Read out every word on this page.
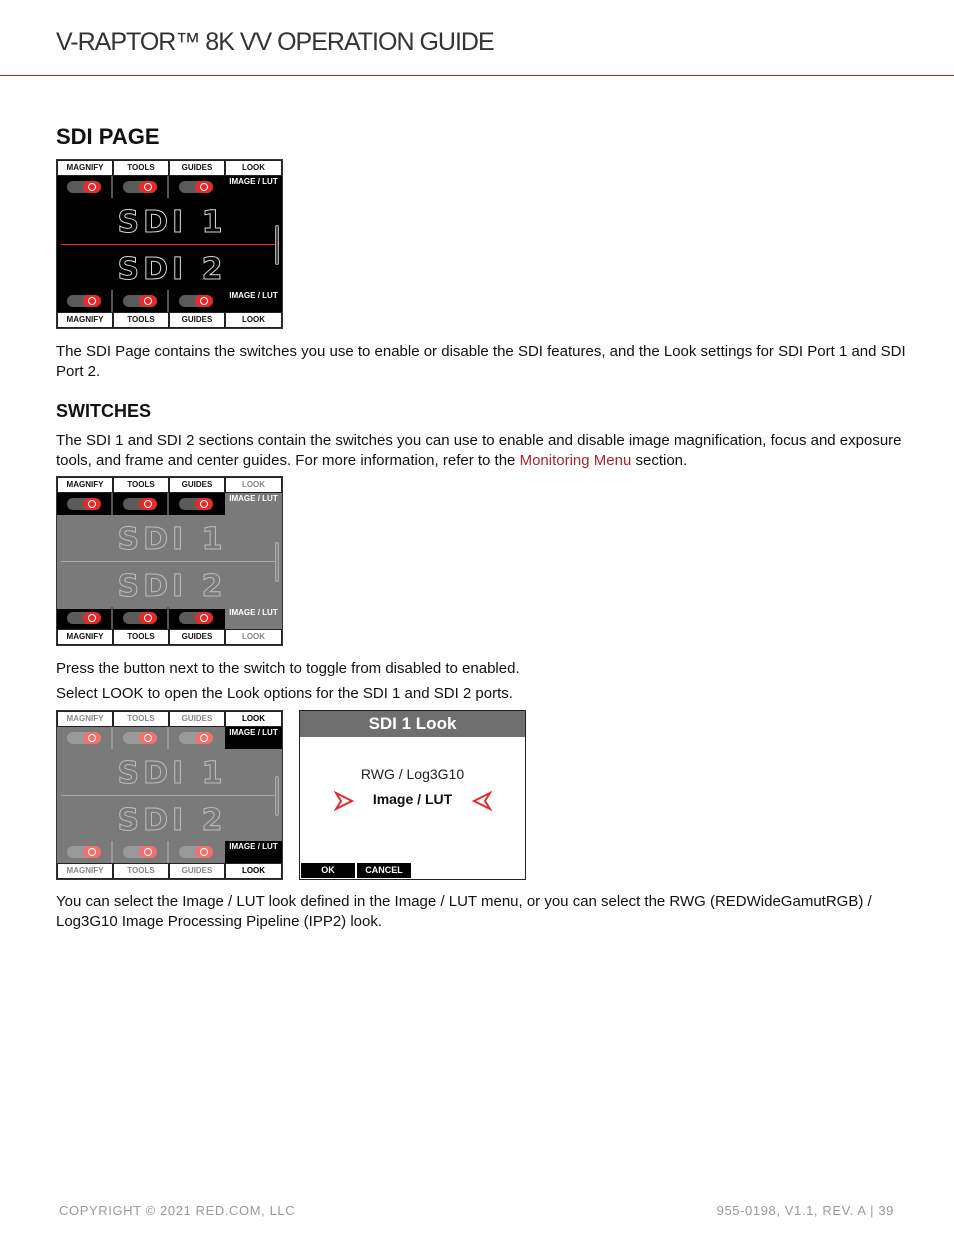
V-RAPTOR™ 8K VV OPERATION GUIDE
SDI PAGE
MAGNIFY	TOOLS	GUIDES	LOOK
IMAGE / LUT
SDI 1
SDI 2
IMAGE / LUT
MAGNIFY	TOOLS	GUIDES	LOOK
The SDI Page contains the switches you use to enable or disable the SDI features, and the Look settings for SDI Port 1 and SDI Port 2.
SWITCHES
The SDI 1 and SDI 2 sections contain the switches you can use to enable and disable image magnification, focus and exposure tools, and frame and center guides. For more information, refer to the Monitoring Menu section.
MAGNIFY	TOOLS	GUIDES	LOOK
IMAGE / LUT
SDI 1
SDI 2
IMAGE / LUT
MAGNIFY	TOOLS	GUIDES	LOOK
Press the button next to the switch to toggle from disabled to enabled.
Select LOOK to open the Look options for the SDI 1 and SDI 2 ports.
MAGNIFY	TOOLS	GUIDES	LOOK
IMAGE / LUT
SDI 1
SDI 2
IMAGE / LUT
MAGNIFY	TOOLS	GUIDES	LOOK
SDI 1 Look
RWG / Log3G10
Image / LUT
OK	CANCEL
You can select the Image / LUT look defined in the Image / LUT menu, or you can select the RWG (REDWideGamutRGB) / Log3G10 Image Processing Pipeline (IPP2) look.
COPYRIGHT © 2021 RED.COM, LLC	955-0198, V1.1, REV. A | 39
